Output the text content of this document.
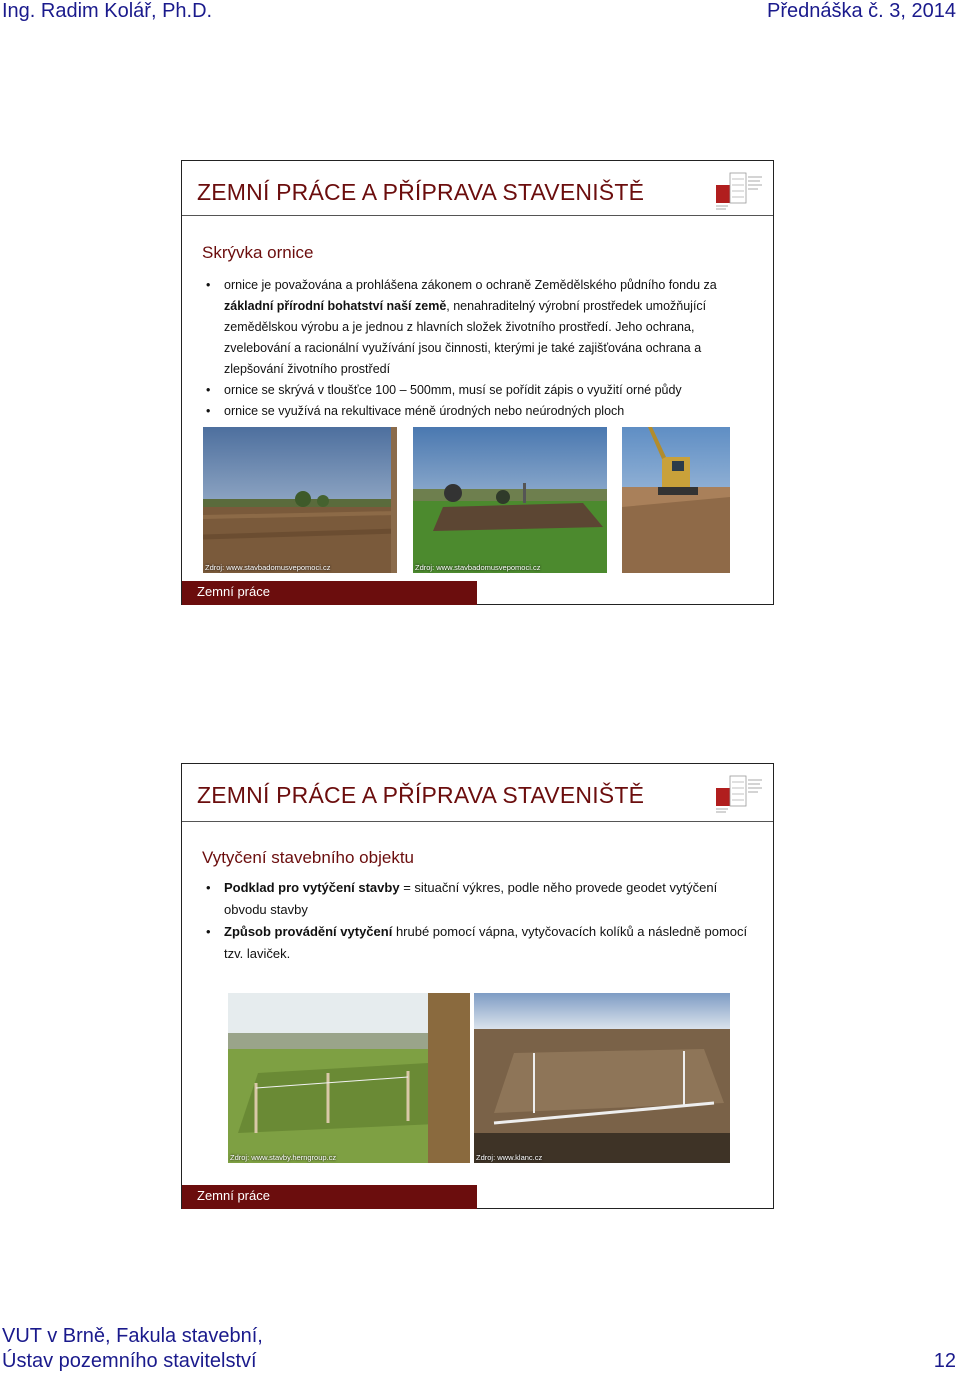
Ing. Radim Kolář, Ph.D.	Přednáška č. 3, 2014
ZEMNÍ PRÁCE A PŘÍPRAVA STAVENIŠTĚ
Skrývka ornice
• ornice je považována a prohlášena zákonem o ochraně Zemědělského půdního fondu za základní přírodní bohatství naší země, nenahraditelný výrobní prostředek umožňující zemědělskou výrobu a je jednou z hlavních složek životního prostředí. Jeho ochrana, zvelebování a racionální využívání jsou činnosti, kterými je také zajišťována ochrana a zlepšování životního prostředí
• ornice se skrývá v tloušťce 100 – 500mm, musí se pořídit zápis o využití orné půdy
• ornice se využívá na rekultivace méně úrodných nebo neúrodných ploch
Zdroj: www.stavbadomusvepomoci.cz	Zdroj: www.stavbadomusvepomoci.cz
Zemní práce
ZEMNÍ PRÁCE A PŘÍPRAVA STAVENIŠTĚ
Vytyčení stavebního objektu
• Podklad pro vytýčení stavby = situační výkres, podle něho provede geodet vytýčení obvodu stavby
• Způsob provádění vytyčení hrubé pomocí vápna, vytyčovacích kolíků a následně pomocí tzv. laviček.
Zdroj: www.stavby.herngroup.cz	Zdroj: www.klanc.cz
Zemní práce
VUT v Brně, Fakula stavební,
Ústav pozemního stavitelství	12
